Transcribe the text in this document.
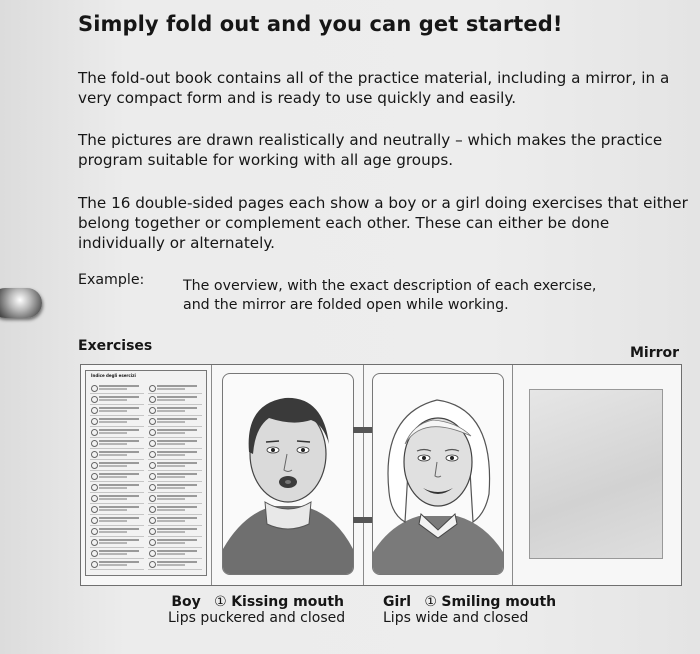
Simply fold out and you can get started!
The fold-out book contains all of the practice material, including a mirror, in a very compact form and is ready to use quickly and easily.
The pictures are drawn realistically and neutrally – which makes the practice program suitable for working with all age groups.
The 16 double-sided pages each show a boy or a girl doing exercises that either belong together or complement each other. These can either be done individually or alternately.
Example:	The overview, with the exact description of each exercise, and the mirror are folded open while working.
Exercises	Mirror
Indice degli esercizi
Boy ① Kissing mouth
Lips puckered and closed
Girl ① Smiling mouth
Lips wide and closed
